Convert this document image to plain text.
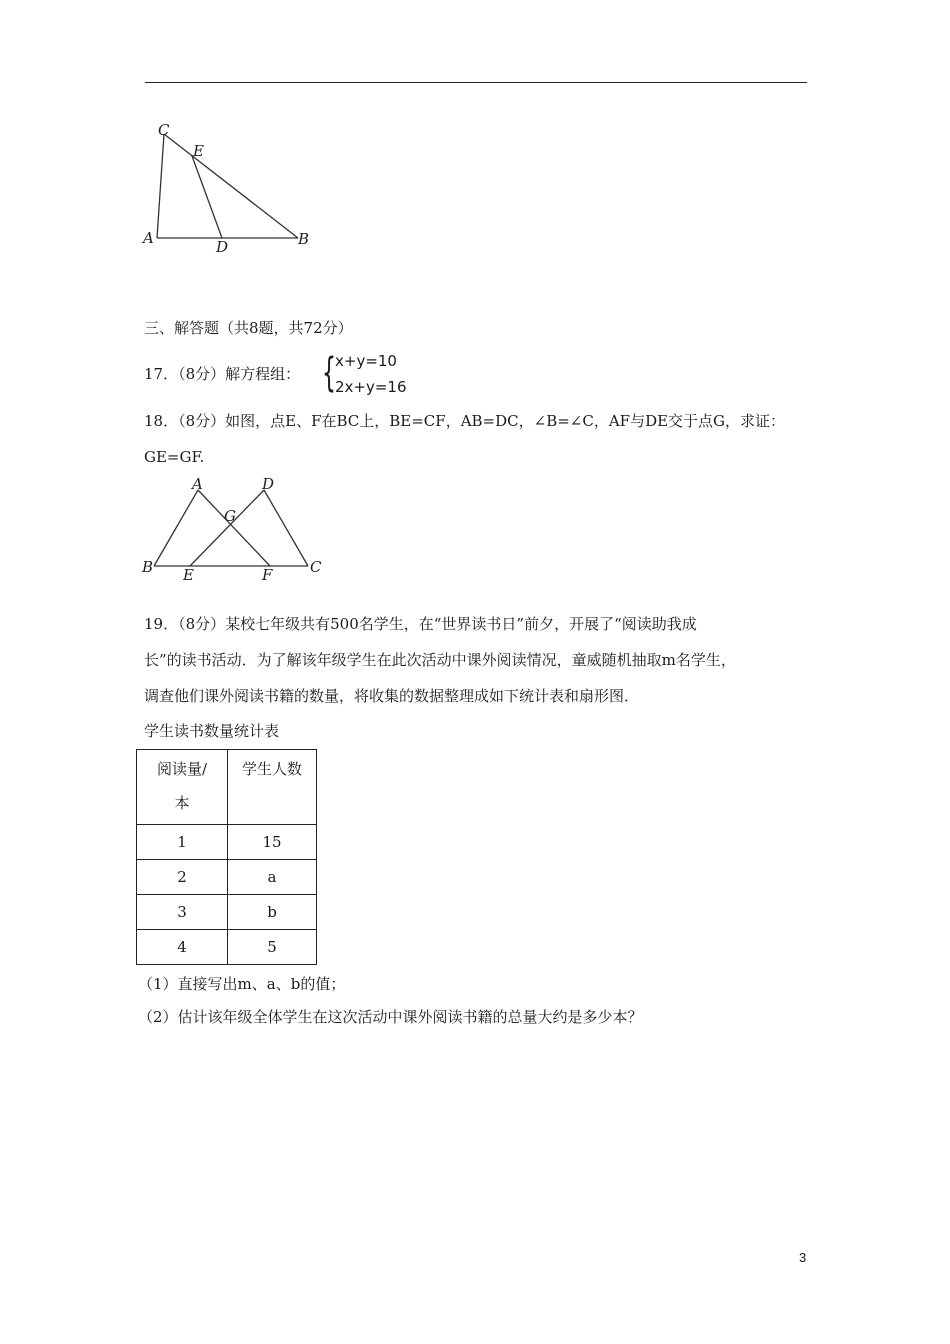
C
E
A	D	B
三、解答题（共8题，共72分）
17．（8分）解方程组： { x+y=10
2x+y=16
18．（8分）如图，点E、F在BC上，BE=CF，AB=DC，∠B=∠C，AF与DE交于点G，求证：
GE=GF.
A	D
G
B E	F	C
19．（8分）某校七年级共有500名学生，在“世界读书日”前夕，开展了“阅读助我成
长”的读书活动．为了解该年级学生在此次活动中课外阅读情况，童威随机抽取m名学生，
调查他们课外阅读书籍的数量，将收集的数据整理成如下统计表和扇形图．
学生读书数量统计表
阅读量/
本	学生人数
1	15
2	a
3	b
4	5
（1）直接写出m、a、b的值；
（2）估计该年级全体学生在这次活动中课外阅读书籍的总量大约是多少本？
3
